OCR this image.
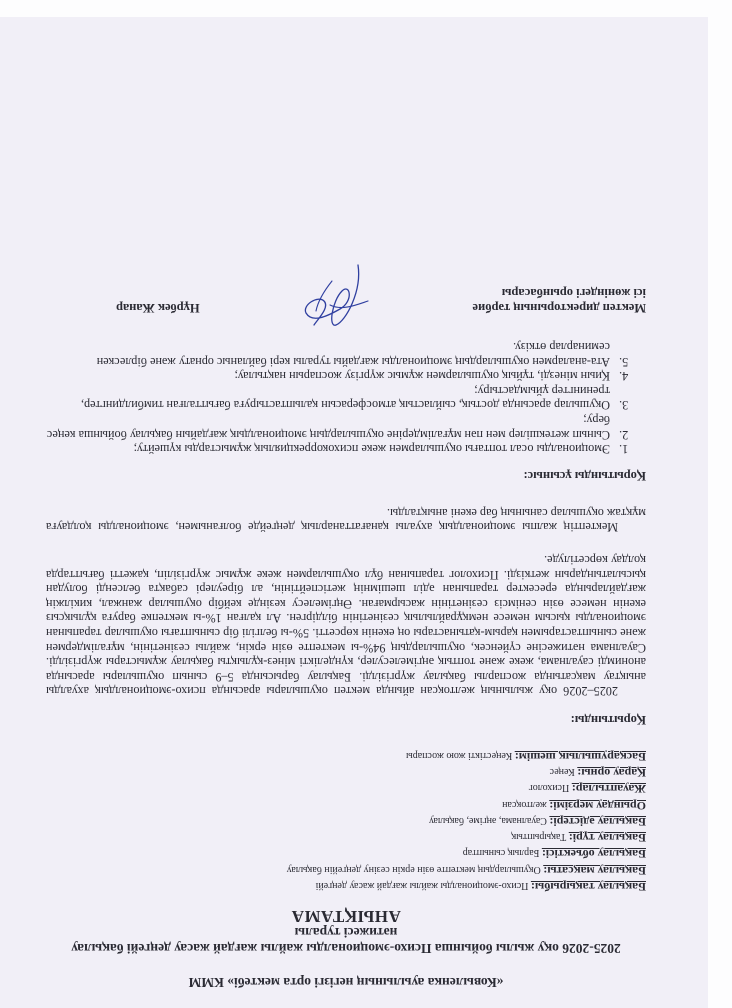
«Ковыленка ауылының негізгі орта мектебі» КММ
2025-2026 оқу жылы бойынша Психо-эмоционалды жайлы жағдай жасау деңгейі бақылау
нәтижесі туралы
АНЫҚТАМА
Бақылау тақырыбы: Психо-эмоционалды жайлы жағдай жасау деңгейі
Бақылау мақсаты: Оқушылардың мектепте өзін еркін сезіну деңгейін бақылау
Бақылау объектісі: Барлық сыныптар
Бақылау түрі: Тақырыптық
Бақылау әдістері: Сауалнама, әңгіме, бақылау
Орындау мерзімі: желтоқсан
Жауаптылар: Психолог
Қарау орны: Кеңес
Басқарушылық шешім: Кеңестікті жою жоспары
Қорытынды:

2025–2026 оқу жылының желтоқсан айында мектеп оқушылары арасында психо-эмоционалдық ахуалды анықтау мақсатында жоспарлы бақылау жүргізілді. Бақылау барысында 5–9 сынып оқушылары арасында анонимді сауалнама, жеке және топтық әңгімелесулер, күнделікті мінез-құлықты бақылау жұмыстары жүргізілді. Сауалнама нәтижесіне сүйенсек, оқушылардың 94%-ы мектепте өзін еркін, жайлы сезінетінін, мұғалімдермен және сыныптастарымен қарым-қатынастары оң екенін көрсетті. 5%-ы белгілі бір сыныптағы оқушылар тарапынан эмоционалды қысым немесе немқұрайлылық сезінетінін білдірген. Ал қалған 1%-ы мектепке баруға құлықсыз екенін немесе өзін сенімсіз сезінетінін жасырмаған. Әңгімелесу кезінде кейбір оқушылар жанжал, кикілжің жағдайларында ересектер тарапынан әділ шешімнің жетіспейтінін, ал біреулері сабақта белсенді болудан қысылатындарын жеткізді. Психолог тарапынан бұл оқушылармен жеке жұмыс жүргізіліп, қажетті бағыттарда қолдау көрсетілуде.

Мектептің жалпы эмоционалдық ахуалы қанағаттанарлық деңгейде болғанымен, эмоционалды қолдауға мұқтаж оқушылар санының бар екені анықталды.

Қорытынды ұсыныс:
1. Эмоционалды осал топтағы оқушылармен жеке психокоррекциялық жұмыстарды күшейту;
2. Сынып жетекшілер мен пән мұғалімдеріне оқушылардың эмоционалдық жағдайын бақылау бойынша кеңес беру;
3. Оқушылар арасында достық, сыйластық атмосферасын қалыптастыруға бағытталған тимбилдингтер, тренингтер ұйымдастыру;
4. Қиын мінезді, тұйық оқушылармен жұмыс жүргізу жоспарын нақтылау;
5. Ата-аналармен оқушылардың эмоционалды жағдайы туралы кері байланыс орнату және бірлескен семинарлар өткізу.
Мектеп директорының тәрбие
ісі жөніндегі орынбасары
Нұрбек Жанар
